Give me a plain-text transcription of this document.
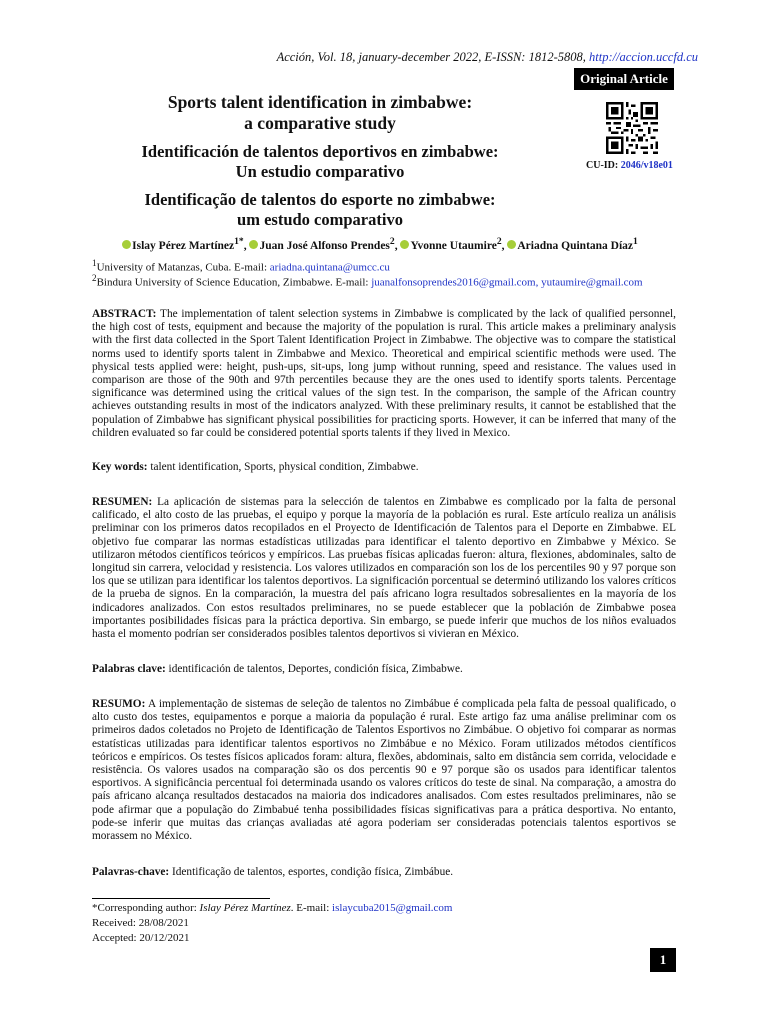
Acción, Vol. 18, january-december 2022, E-ISSN: 1812-5808, http://accion.uccfd.cu
Original Article
Sports talent identification in zimbabwe:
a comparative study
Identificación de talentos deportivos en zimbabwe:
Un estudio comparativo
Identificação de talentos do esporte no zimbabwe:
um estudo comparativo
CU-ID: 2046/v18e01
Islay Pérez Martínez$^{1*}$, Juan José Alfonso Prendes$^2$, Yvonne Utaumire$^2$, Ariadna Quintana Díaz$^1$
$^1$University of Matanzas, Cuba. E-mail: ariadna.quintana@umcc.cu
$^2$Bindura University of Science Education, Zimbabwe. E-mail: juanalfonsoprendes2016@gmail.com, yutaumire@gmail.com
ABSTRACT: The implementation of talent selection systems in Zimbabwe is complicated by the lack of qualified personnel, the high cost of tests, equipment and because the majority of the population is rural. This article makes a preliminary analysis with the first data collected in the Sport Talent Identification Project in Zimbabwe. The objective was to compare the statistical norms used to identify sports talent in Zimbabwe and Mexico. Theoretical and empirical scientific methods were used. The physical tests applied were: height, push-ups, sit-ups, long jump without running, speed and resistance. The values used in comparison are those of the 90th and 97th percentiles because they are the ones used to identify sports talents. Percentage significance was determined using the critical values of the sign test. In the comparison, the sample of the African country achieves outstanding results in most of the indicators analyzed. With these preliminary results, it cannot be established that the population of Zimbabwe has significant physical possibilities for practicing sports. However, it can be inferred that many of the children evaluated so far could be considered potential sports talents if they lived in Mexico.
Key words: talent identification, Sports, physical condition, Zimbabwe.
RESUMEN: La aplicación de sistemas para la selección de talentos en Zimbabwe es complicado por la falta de personal calificado, el alto costo de las pruebas, el equipo y porque la mayoría de la población es rural. Este artículo realiza un análisis preliminar con los primeros datos recopilados en el Proyecto de Identificación de Talentos para el Deporte en Zimbabwe. EL objetivo fue comparar las normas estadísticas utilizadas para identificar el talento deportivo en Zimbabwe y México. Se utilizaron métodos científicos teóricos y empíricos. Las pruebas físicas aplicadas fueron: altura, flexiones, abdominales, salto de longitud sin carrera, velocidad y resistencia. Los valores utilizados en comparación son los de los percentiles 90 y 97 porque son los que se utilizan para identificar los talentos deportivos. La significación porcentual se determinó utilizando los valores críticos de la prueba de signos. En la comparación, la muestra del país africano logra resultados sobresalientes en la mayoría de los indicadores analizados. Con estos resultados preliminares, no se puede establecer que la población de Zimbabwe posea importantes posibilidades físicas para la práctica deportiva. Sin embargo, se puede inferir que muchos de los niños evaluados hasta el momento podrían ser considerados posibles talentos deportivos si vivieran en México.
Palabras clave: identificación de talentos, Deportes, condición física, Zimbabwe.
RESUMO: A implementação de sistemas de seleção de talentos no Zimbábue é complicada pela falta de pessoal qualificado, o alto custo dos testes, equipamentos e porque a maioria da população é rural. Este artigo faz uma análise preliminar com os primeiros dados coletados no Projeto de Identificação de Talentos Esportivos no Zimbábue. O objetivo foi comparar as normas estatísticas utilizadas para identificar talentos esportivos no Zimbábue e no México. Foram utilizados métodos científicos teóricos e empíricos. Os testes físicos aplicados foram: altura, flexões, abdominais, salto em distância sem corrida, velocidade e resistência. Os valores usados na comparação são os dos percentis 90 e 97 porque são os usados para identificar talentos esportivos. A significância percentual foi determinada usando os valores críticos do teste de sinal. Na comparação, a amostra do país africano alcança resultados destacados na maioria dos indicadores analisados. Com estes resultados preliminares, não se pode afirmar que a população do Zimbabué tenha possibilidades físicas significativas para a prática desportiva. No entanto, pode-se inferir que muitas das crianças avaliadas até agora poderiam ser consideradas potenciais talentos esportivos se morassem no México.
Palavras-chave: Identificação de talentos, esportes, condição física, Zimbábue.
*Corresponding author: Islay Pérez Martínez. E-mail: islaycuba2015@gmail.com
Received: 28/08/2021
Accepted: 20/12/2021
1
